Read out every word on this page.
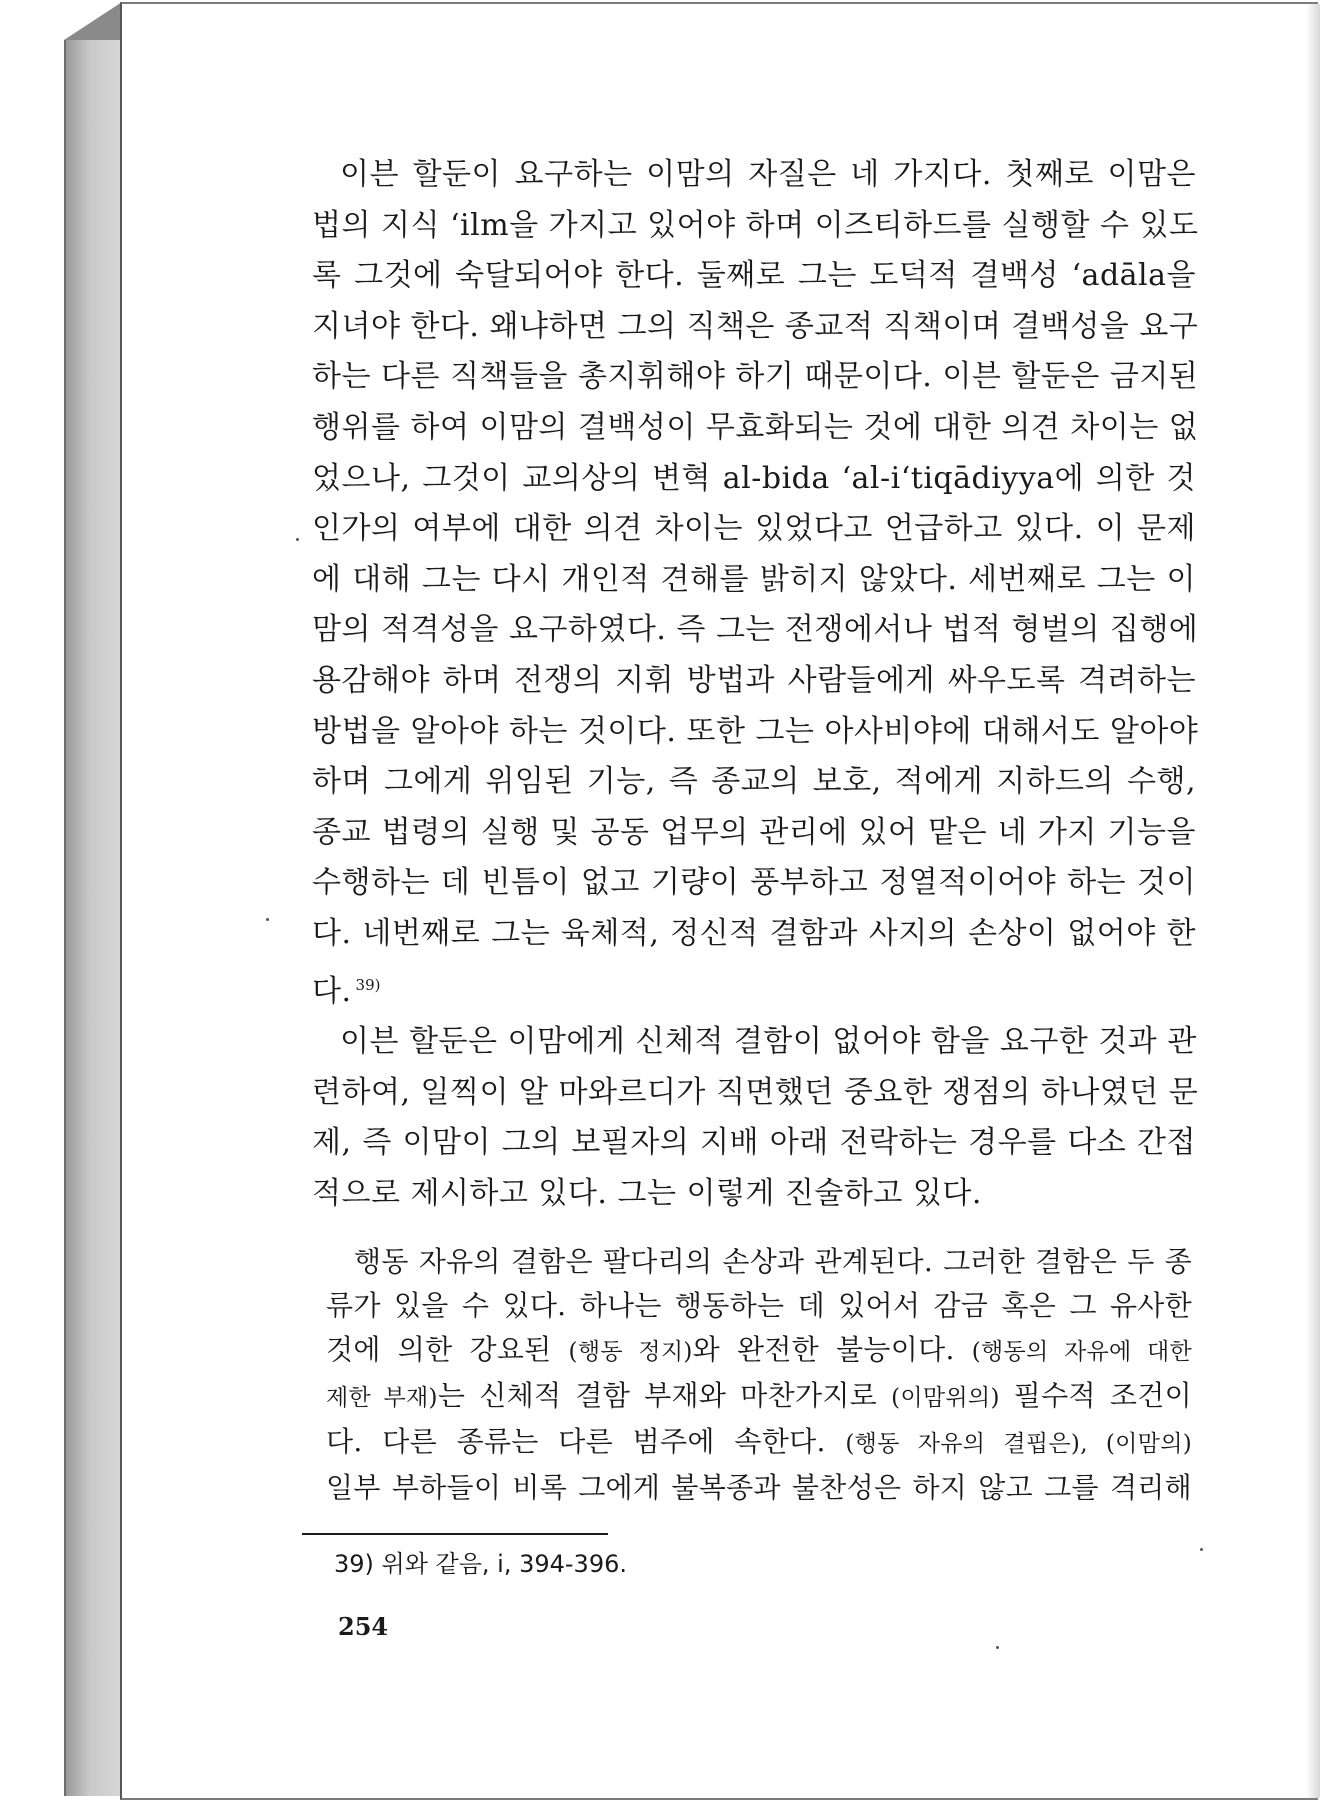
이븐 할둔이 요구하는 이맘의 자질은 네 가지다. 첫째로 이맘은
법의 지식 ‘ilm을 가지고 있어야 하며 이즈티하드를 실행할 수 있도
록 그것에 숙달되어야 한다. 둘째로 그는 도덕적 결백성 ‘adāla을
지녀야 한다. 왜냐하면 그의 직책은 종교적 직책이며 결백성을 요구
하는 다른 직책들을 총지휘해야 하기 때문이다. 이븐 할둔은 금지된
행위를 하여 이맘의 결백성이 무효화되는 것에 대한 의견 차이는 없
었으나, 그것이 교의상의 변혁 al-bida ‘al-i‘tiqādiyya에 의한 것
인가의 여부에 대한 의견 차이는 있었다고 언급하고 있다. 이 문제
에 대해 그는 다시 개인적 견해를 밝히지 않았다. 세번째로 그는 이
맘의 적격성을 요구하였다. 즉 그는 전쟁에서나 법적 형벌의 집행에
용감해야 하며 전쟁의 지휘 방법과 사람들에게 싸우도록 격려하는
방법을 알아야 하는 것이다. 또한 그는 아사비야에 대해서도 알아야
하며 그에게 위임된 기능, 즉 종교의 보호, 적에게 지하드의 수행,
종교 법령의 실행 및 공동 업무의 관리에 있어 맡은 네 가지 기능을
수행하는 데 빈틈이 없고 기량이 풍부하고 정열적이어야 하는 것이
다. 네번째로 그는 육체적, 정신적 결함과 사지의 손상이 없어야 한
다. $^{39)}$

이븐 할둔은 이맘에게 신체적 결함이 없어야 함을 요구한 것과 관
련하여, 일찍이 알 마와르디가 직면했던 중요한 쟁점의 하나였던 문
제, 즉 이맘이 그의 보필자의 지배 아래 전락하는 경우를 다소 간접
적으로 제시하고 있다. 그는 이렇게 진술하고 있다.

행동 자유의 결함은 팔다리의 손상과 관계된다. 그러한 결함은 두 종
류가 있을 수 있다. 하나는 행동하는 데 있어서 감금 혹은 그 유사한
것에 의한 강요된 (행동 정지)와 완전한 불능이다. (행동의 자유에 대한
제한 부재)는 신체적 결함 부재와 마찬가지로 (이맘위의) 필수적 조건이
다. 다른 종류는 다른 범주에 속한다. (행동 자유의 결핍은), (이맘의)
일부 부하들이 비록 그에게 불복종과 불찬성은 하지 않고 그를 격리해

39) 위와 같음, i, 394-396.
254
